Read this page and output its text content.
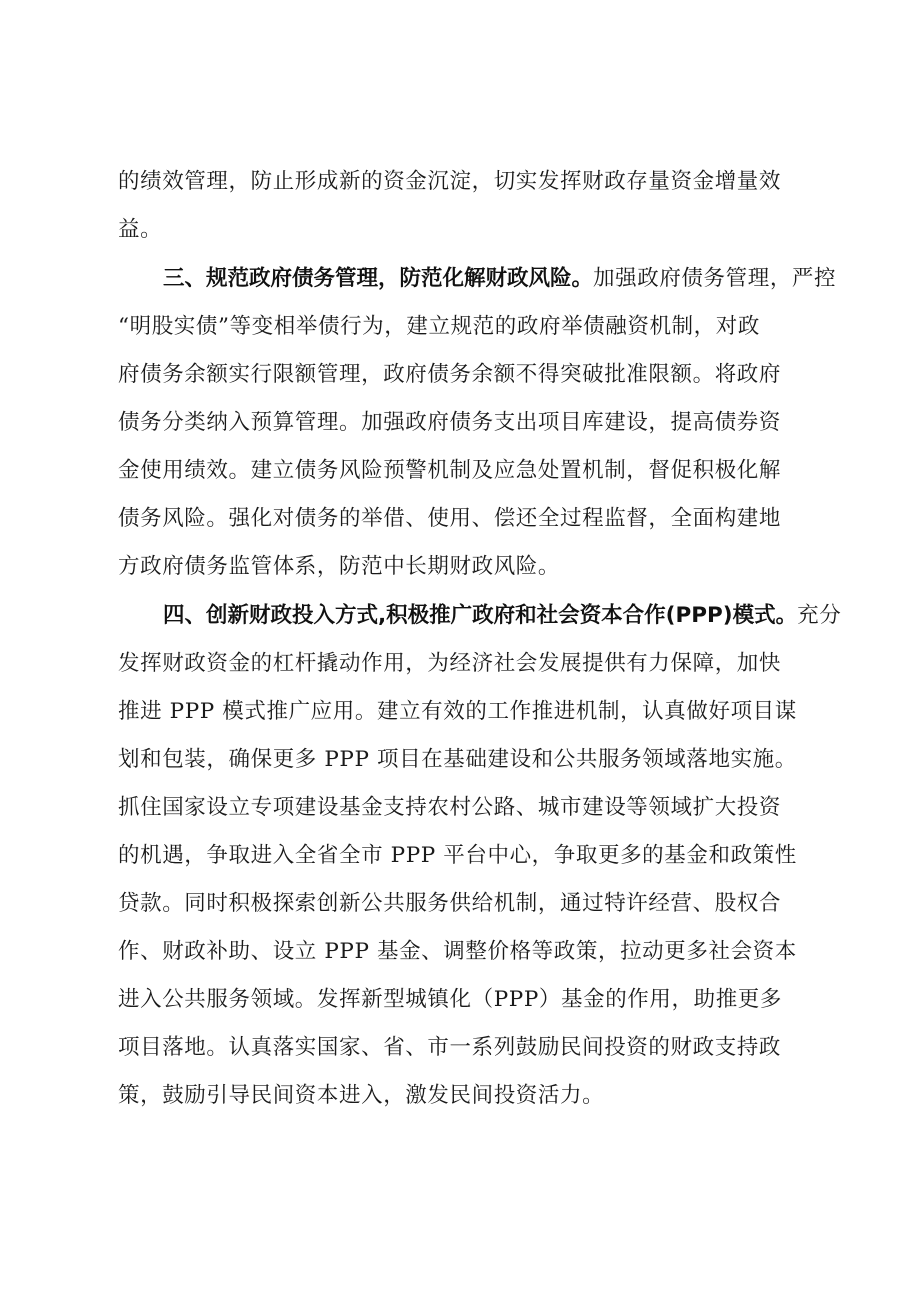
的绩效管理，防止形成新的资金沉淀，切实发挥财政存量资金增量效
益。
三、规范政府债务管理，防范化解财政风险。加强政府债务管理，严控
“明股实债”等变相举债行为，建立规范的政府举债融资机制，对政
府债务余额实行限额管理，政府债务余额不得突破批准限额。将政府
债务分类纳入预算管理。加强政府债务支出项目库建设，提高债券资
金使用绩效。建立债务风险预警机制及应急处置机制，督促积极化解
债务风险。强化对债务的举借、使用、偿还全过程监督，全面构建地
方政府债务监管体系，防范中长期财政风险。
四、创新财政投入方式,积极推广政府和社会资本合作(PPP)模式。充分
发挥财政资金的杠杆撬动作用，为经济社会发展提供有力保障，加快
推进 PPP 模式推广应用。建立有效的工作推进机制，认真做好项目谋
划和包装，确保更多 PPP 项目在基础建设和公共服务领域落地实施。
抓住国家设立专项建设基金支持农村公路、城市建设等领域扩大投资
的机遇，争取进入全省全市 PPP 平台中心，争取更多的基金和政策性
贷款。同时积极探索创新公共服务供给机制，通过特许经营、股权合
作、财政补助、设立 PPP 基金、调整价格等政策，拉动更多社会资本
进入公共服务领域。发挥新型城镇化（PPP）基金的作用，助推更多
项目落地。认真落实国家、省、市一系列鼓励民间投资的财政支持政
策，鼓励引导民间资本进入，激发民间投资活力。
